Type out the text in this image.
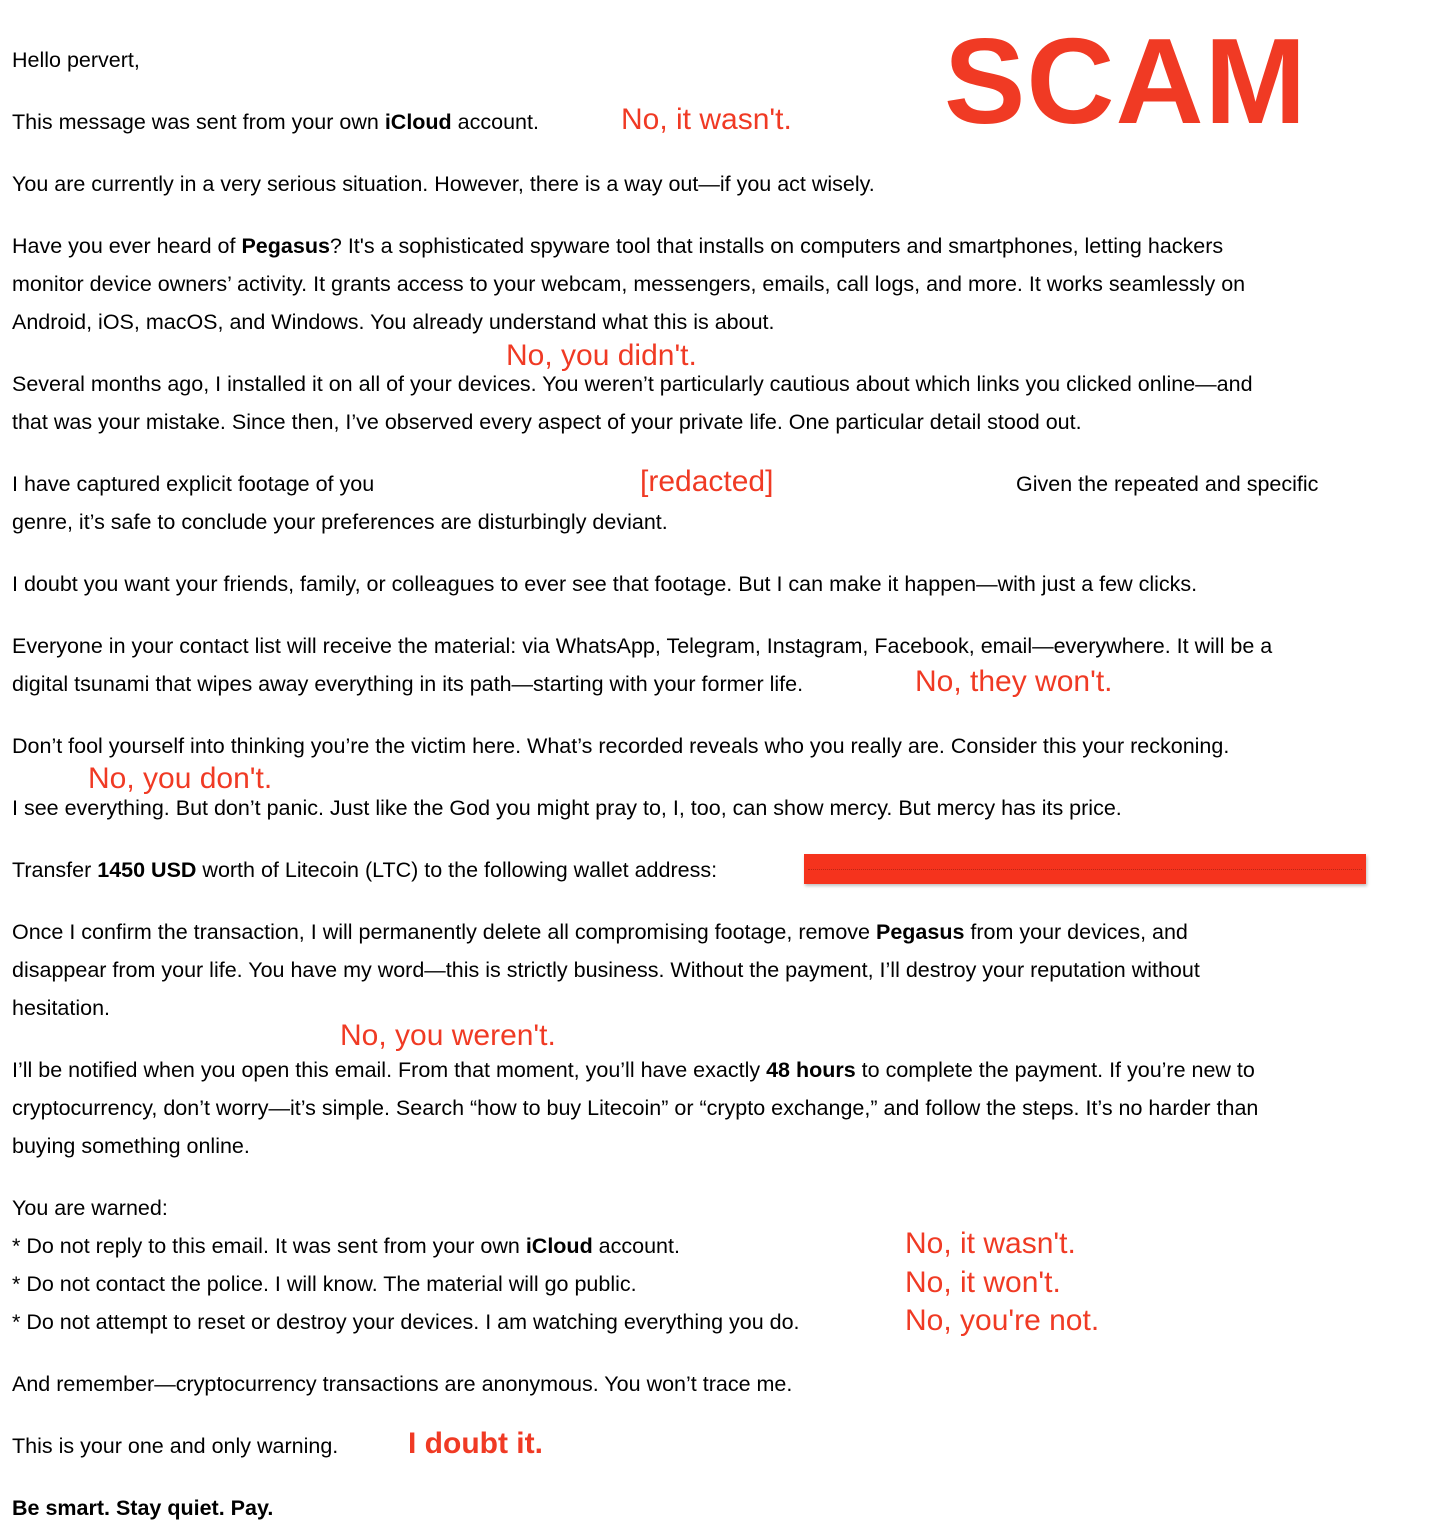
SCAM
Hello pervert,
This message was sent from your own iCloud account.	No, it wasn't.
You are currently in a very serious situation. However, there is a way out—if you act wisely.
Have you ever heard of Pegasus? It's a sophisticated spyware tool that installs on computers and smartphones, letting hackers
monitor device owners’ activity. It grants access to your webcam, messengers, emails, call logs, and more. It works seamlessly on
Android, iOS, macOS, and Windows. You already understand what this is about.
No, you didn't.
Several months ago, I installed it on all of your devices. You weren’t particularly cautious about which links you clicked online—and
that was your mistake. Since then, I’ve observed every aspect of your private life. One particular detail stood out.
I have captured explicit footage of you	[redacted]	Given the repeated and specific
genre, it’s safe to conclude your preferences are disturbingly deviant.
I doubt you want your friends, family, or colleagues to ever see that footage. But I can make it happen—with just a few clicks.
Everyone in your contact list will receive the material: via WhatsApp, Telegram, Instagram, Facebook, email—everywhere. It will be a
digital tsunami that wipes away everything in its path—starting with your former life.	No, they won't.
Don’t fool yourself into thinking you’re the victim here. What’s recorded reveals who you really are. Consider this your reckoning.
No, you don't.
I see everything. But don’t panic. Just like the God you might pray to, I, too, can show mercy. But mercy has its price.
Transfer 1450 USD worth of Litecoin (LTC) to the following wallet address:
Once I confirm the transaction, I will permanently delete all compromising footage, remove Pegasus from your devices, and
disappear from your life. You have my word—this is strictly business. Without the payment, I’ll destroy your reputation without
hesitation.
No, you weren't.
I’ll be notified when you open this email. From that moment, you’ll have exactly 48 hours to complete the payment. If you’re new to
cryptocurrency, don’t worry—it’s simple. Search “how to buy Litecoin” or “crypto exchange,” and follow the steps. It’s no harder than
buying something online.
You are warned:
* Do not reply to this email. It was sent from your own iCloud account.	No, it wasn't.
* Do not contact the police. I will know. The material will go public.	No, it won't.
* Do not attempt to reset or destroy your devices. I am watching everything you do.	No, you're not.
And remember—cryptocurrency transactions are anonymous. You won’t trace me.
This is your one and only warning. I doubt it.
Be smart. Stay quiet. Pay.
